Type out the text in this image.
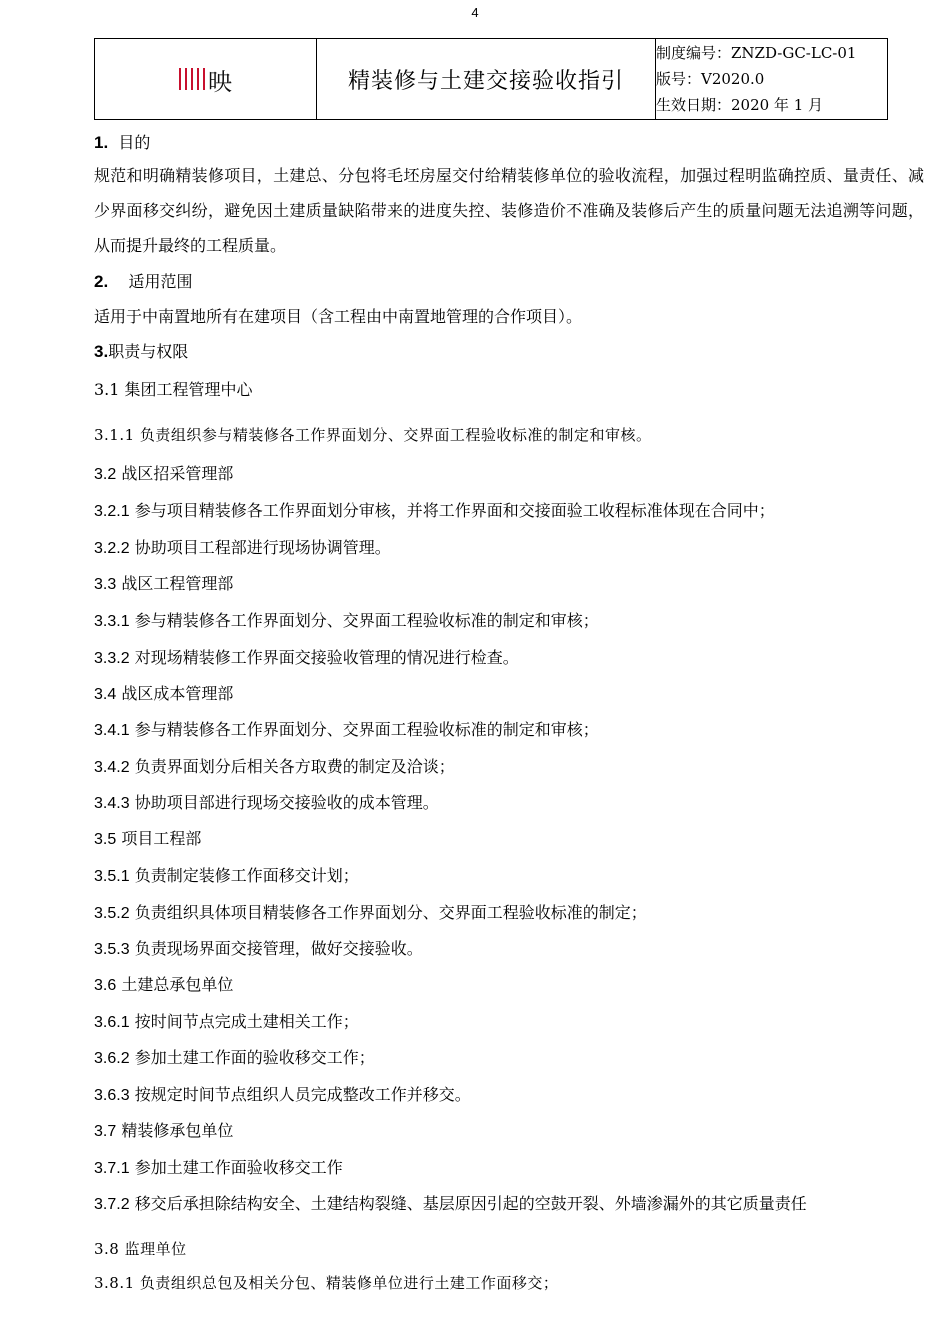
4
映	精装修与土建交接验收指引	
制度编号：ZNZD-GC-LC-01
版号：V2020.0
生效日期：2020 年 1 月
1. 目的
规范和明确精装修项目，土建总、分包将毛坯房屋交付给精装修单位的验收流程，加强过程明监确控质、量责任、减少界面移交纠纷，避免因土建质量缺陷带来的进度失控、装修造价不准确及装修后产生的质量问题无法追溯等问题，从而提升最终的工程质量。
2. 适用范围
适用于中南置地所有在建项目（含工程由中南置地管理的合作项目）。
3.职责与权限
3.1 集团工程管理中心
3.1.1 负责组织参与精装修各工作界面划分、交界面工程验收标准的制定和审核。
3.2 战区招采管理部
3.2.1 参与项目精装修各工作界面划分审核，并将工作界面和交接面验工收程标准体现在合同中；
3.2.2 协助项目工程部进行现场协调管理。
3.3 战区工程管理部
3.3.1 参与精装修各工作界面划分、交界面工程验收标准的制定和审核；
3.3.2 对现场精装修工作界面交接验收管理的情况进行检查。
3.4 战区成本管理部
3.4.1 参与精装修各工作界面划分、交界面工程验收标准的制定和审核；
3.4.2 负责界面划分后相关各方取费的制定及洽谈；
3.4.3 协助项目部进行现场交接验收的成本管理。
3.5 项目工程部
3.5.1 负责制定装修工作面移交计划；
3.5.2 负责组织具体项目精装修各工作界面划分、交界面工程验收标准的制定；
3.5.3 负责现场界面交接管理，做好交接验收。
3.6 土建总承包单位
3.6.1 按时间节点完成土建相关工作；
3.6.2 参加土建工作面的验收移交工作；
3.6.3 按规定时间节点组织人员完成整改工作并移交。
3.7 精装修承包单位
3.7.1 参加土建工作面验收移交工作
3.7.2 移交后承担除结构安全、土建结构裂缝、基层原因引起的空鼓开裂、外墙渗漏外的其它质量责任
3.8 监理单位
3.8.1 负责组织总包及相关分包、精装修单位进行土建工作面移交；
